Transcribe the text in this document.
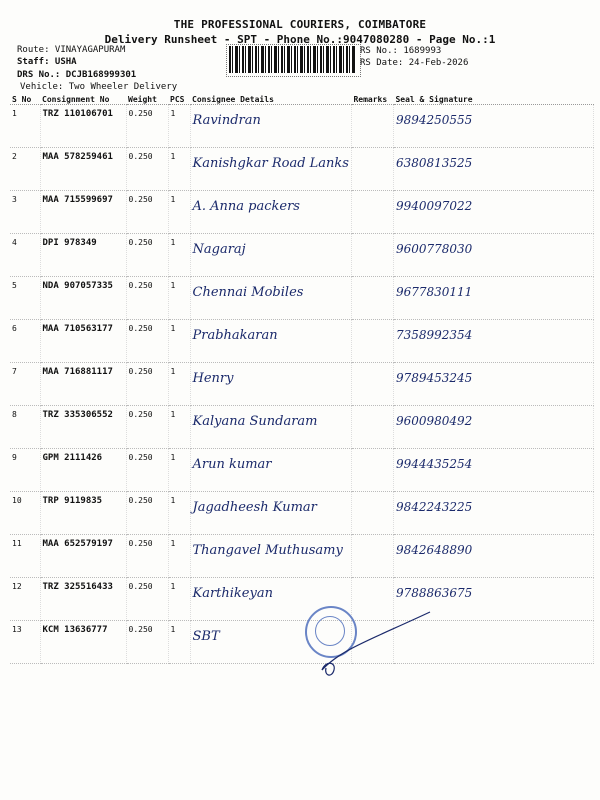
THE PROFESSIONAL COURIERS, COIMBATORE
Delivery Runsheet - SPT - Phone No.:9047080280 - Page No.:1
Route: VINAYAGAPURAM
Staff: USHA
DRS No.: DCJB168999301
Vehicle: Two Wheeler Delivery
RS No.: 1689993
RS Date: 24-Feb-2026
S No	Consignment No	Weight	PCS	Consignee Details	Remarks	Seal & Signature
1	TRZ 110106701	0.250	1	Ravindran		9894250555
2	MAA 578259461	0.250	1	Kanishgkar Road Lanks		6380813525
3	MAA 715599697	0.250	1	A. Anna packers		9940097022
4	DPI 978349	0.250	1	Nagaraj		9600778030
5	NDA 907057335	0.250	1	Chennai Mobiles		9677830111
6	MAA 710563177	0.250	1	Prabhakaran		7358992354
7	MAA 716881117	0.250	1	Henry		9789453245
8	TRZ 335306552	0.250	1	Kalyana Sundaram		9600980492
9	GPM 2111426	0.250	1	Arun kumar		9944435254
10	TRP 9119835	0.250	1	Jagadheesh Kumar		9842243225
11	MAA 652579197	0.250	1	Thangavel Muthusamy		9842648890
12	TRZ 325516433	0.250	1	Karthikeyan		9788863675
13	KCM 13636777	0.250	1	SBT		
